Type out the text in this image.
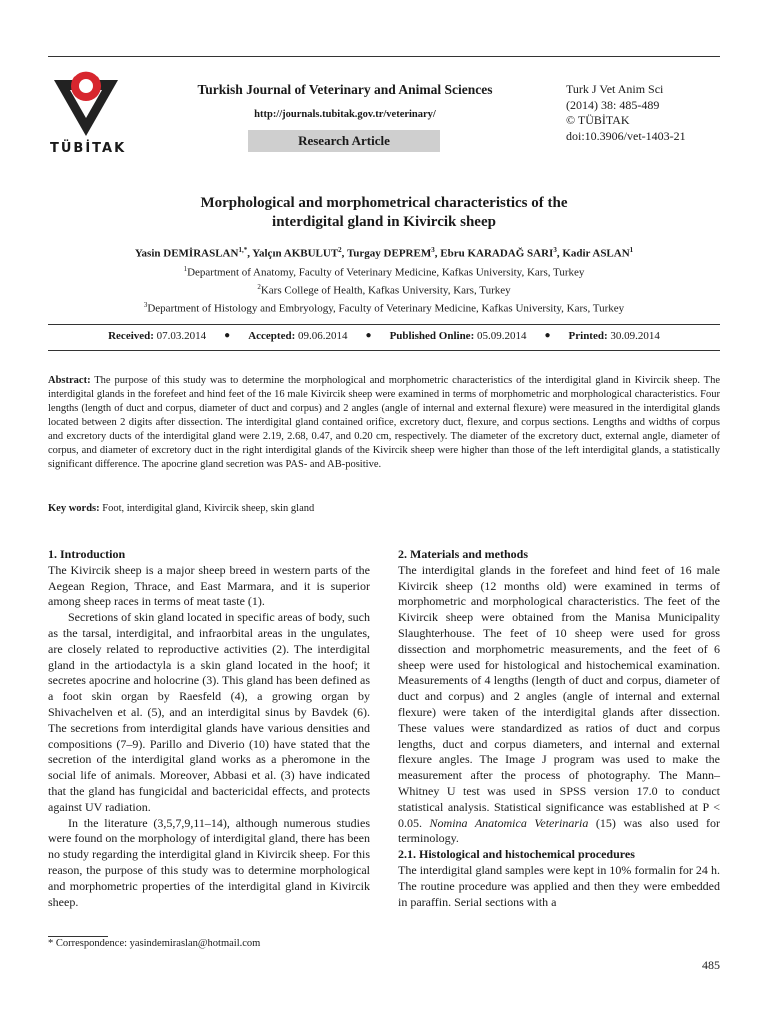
TÜBİTAK
Turkish Journal of Veterinary and Animal Sciences
http://journals.tubitak.gov.tr/veterinary/
Research Article
Turk J Vet Anim Sci
(2014) 38: 485-489
© TÜBİTAK
doi:10.3906/vet-1403-21
Morphological and morphometrical characteristics of the
interdigital gland in Kivircik sheep
Yasin $DEMİRASLAN^{1,*}$, Yalçın AKBULUT$^2$, Turgay DEPREM$^3$, Ebru KARADAĞ SARI$^3$, Kadir ASLAN$^1$
$^1$Department of Anatomy, Faculty of Veterinary Medicine, Kafkas University, Kars, Turkey
$^2$Kars College of Health, Kafkas University, Kars, Turkey
$^3$Department of Histology and Embryology, Faculty of Veterinary Medicine, Kafkas University, Kars, Turkey
Received: 07.03.2014 ● Accepted: 09.06.2014 ● Published Online: 05.09.2014 ● Printed: 30.09.2014
Abstract: The purpose of this study was to determine the morphological and morphometric characteristics of the interdigital gland in Kivircik sheep. The interdigital glands in the forefeet and hind feet of the 16 male Kivircik sheep were examined in terms of morphometric and morphological characteristics. Four lengths (length of duct and corpus, diameter of duct and corpus) and 2 angles (angle of internal and external flexure) were measured in the interdigital glands located between 2 digits after dissection. The interdigital gland contained orifice, excretory duct, flexure, and corpus sections. Lengths and widths of corpus and excretory ducts of the interdigital gland were 2.19, 2.68, 0.47, and 0.20 cm, respectively. The diameter of the excretory duct, external angle, diameter of corpus, and diameter of excretory duct in the right interdigital glands of the Kivircik sheep were higher than those of the left interdigital glands, a statistically significant difference. The apocrine gland secretion was PAS- and AB-positive.
Key words: Foot, interdigital gland, Kivircik sheep, skin gland
1. Introduction

The Kivircik sheep is a major sheep breed in western parts of the Aegean Region, Thrace, and East Marmara, and it is superior among sheep races in terms of meat taste (1).

Secretions of skin gland located in specific areas of body, such as the tarsal, interdigital, and infraorbital areas in the ungulates, are closely related to reproductive activities (2). The interdigital gland in the artiodactyla is a skin gland located in the hoof; it secretes apocrine and holocrine (3). This gland has been defined as a foot skin organ by Raesfeld (4), a growing organ by Shivachelven et al. (5), and an interdigital sinus by Bavdek (6). The secretions from interdigital glands have various densities and compositions (7–9). Parillo and Diverio (10) have stated that the secretion of the interdigital gland works as a pheromone in the social life of animals. Moreover, Abbasi et al. (3) have indicated that the gland has fungicidal and bactericidal effects, and protects against UV radiation.

In the literature (3,5,7,9,11–14), although numerous studies were found on the morphology of interdigital gland, there has been no study regarding the interdigital gland in Kivircik sheep. For this reason, the purpose of this study was to determine morphological and morphometric properties of the interdigital gland in Kivircik sheep.

2. Materials and methods

The interdigital glands in the forefeet and hind feet of 16 male Kivircik sheep (12 months old) were examined in terms of morphometric and morphological characteristics. The feet of the Kivircik sheep were obtained from the Manisa Municipality Slaughterhouse. The feet of 10 sheep were used for gross dissection and morphometric measurements, and the feet of 6 sheep were used for histological and histochemical examination. Measurements of 4 lengths (length of duct and corpus, diameter of duct and corpus) and 2 angles (angle of internal and external flexure) were taken of the interdigital glands after dissection. These values were standardized as ratios of duct and corpus lengths, duct and corpus diameters, and internal and external flexure angles. The Image J program was used to make the measurement after the process of photography. The Mann–Whitney U test was used in SPSS version 17.0 to conduct statistical analysis. Statistical significance was established at P < 0.05. Nomina Anatomica Veterinaria (15) was also used for terminology.

2.1. Histological and histochemical procedures

The interdigital gland samples were kept in 10% formalin for 24 h. The routine procedure was applied and then they were embedded in paraffin. Serial sections with a

* Correspondence: yasindemiraslan@hotmail.com
485
